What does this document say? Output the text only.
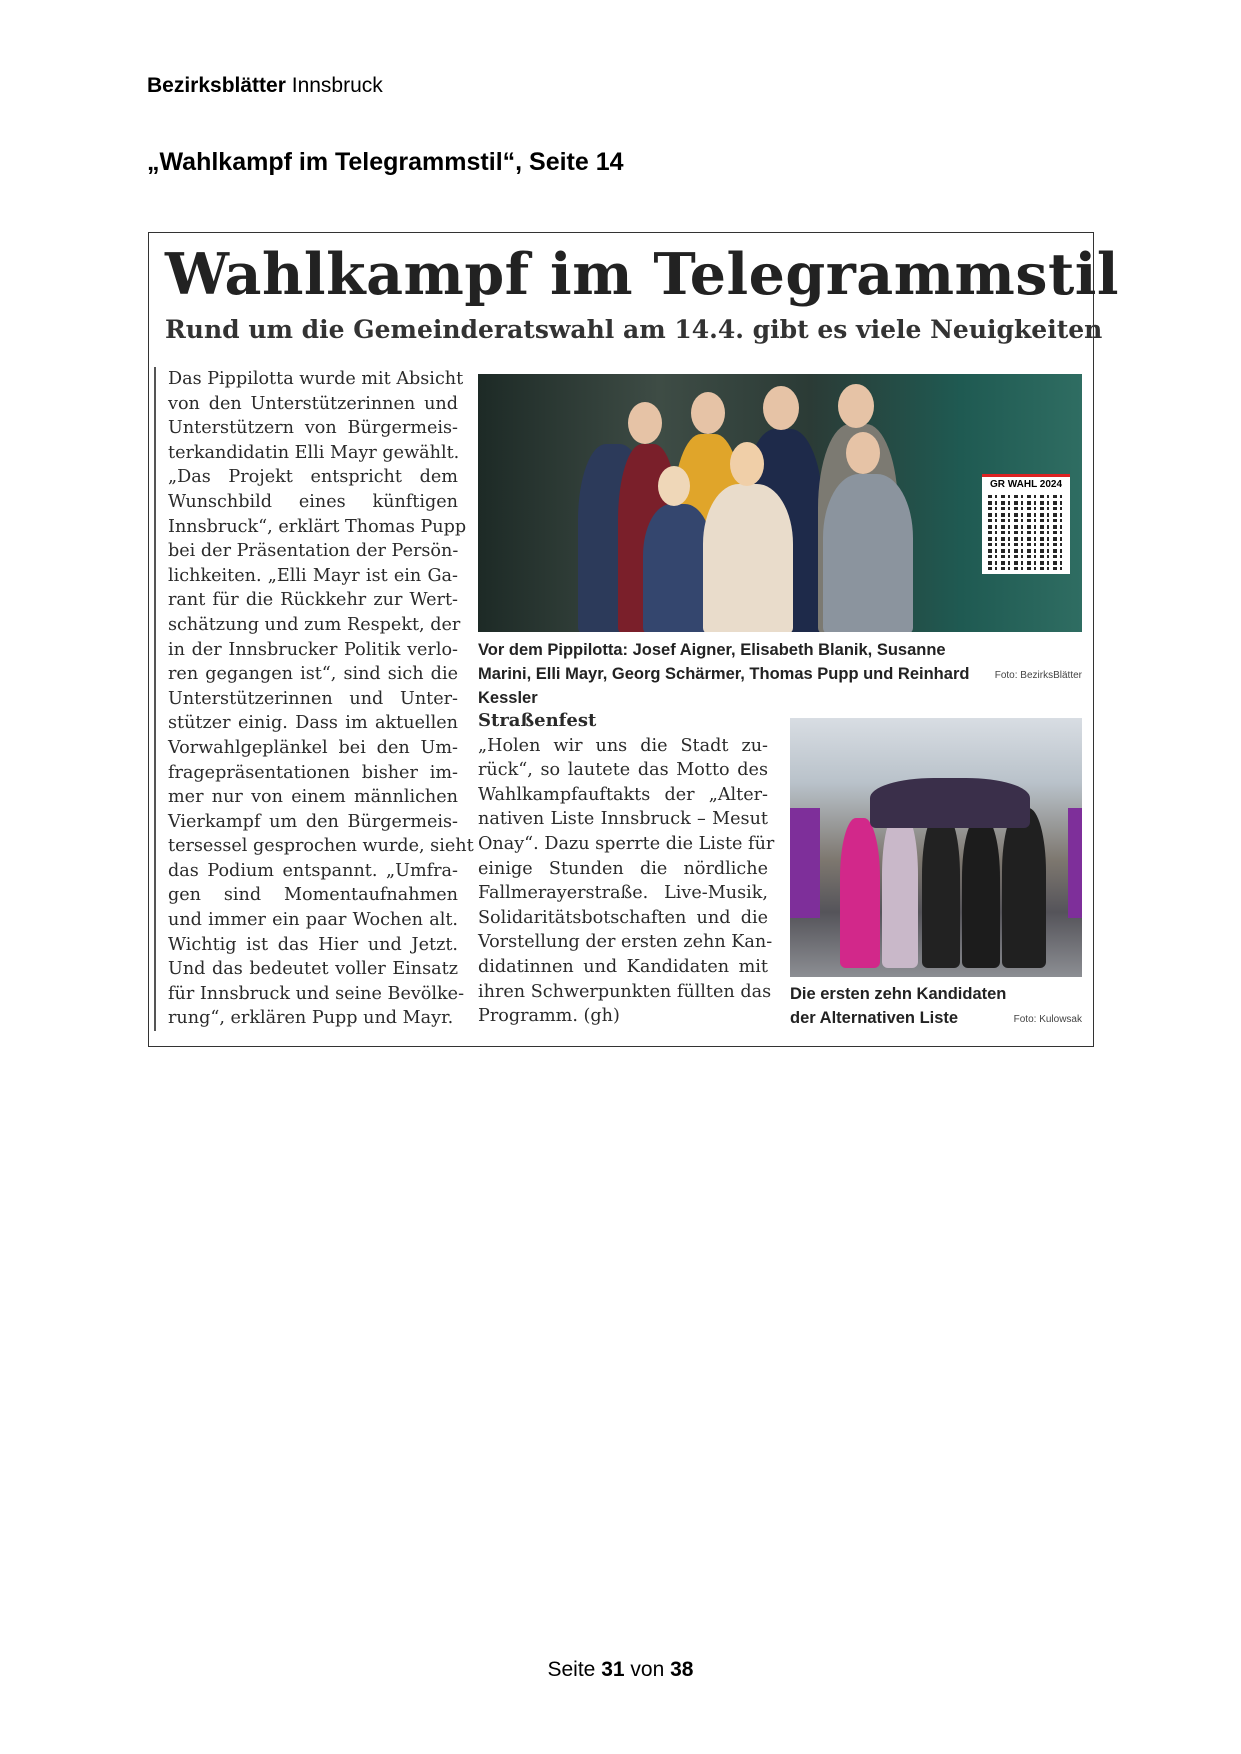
Bezirksblätter Innsbruck
„Wahlkampf im Telegrammstil“, Seite 14
Wahlkampf im Telegrammstil
Rund um die Gemeinderatswahl am 14.4. gibt es viele Neuigkeiten
Das Pippilotta wurde mit Absicht
von den Unterstützerinnen und
Unterstützern von Bürgermeis-
terkandidatin Elli Mayr gewählt.
„Das Projekt entspricht dem
Wunschbild eines künftigen
Innsbruck“, erklärt Thomas Pupp
bei der Präsentation der Persön-
lichkeiten. „Elli Mayr ist ein Ga-
rant für die Rückkehr zur Wert-
schätzung und zum Respekt, der
in der Innsbrucker Politik verlo-
ren gegangen ist“, sind sich die
Unterstützerinnen und Unter-
stützer einig. Dass im aktuellen
Vorwahlgeplänkel bei den Um-
fragepräsentationen bisher im-
mer nur von einem männlichen
Vierkampf um den Bürgermeis-
tersessel gesprochen wurde, sieht
das Podium entspannt. „Umfra-
gen sind Momentaufnahmen
und immer ein paar Wochen alt.
Wichtig ist das Hier und Jetzt.
Und das bedeutet voller Einsatz
für Innsbruck und seine Bevölke-
rung“, erklären Pupp und Mayr.
GR WAHL 2024
Foto: BezirksBlätter
Vor dem Pippilotta: Josef Aigner, Elisabeth Blanik, Susanne Marini, Elli Mayr, Georg Schärmer, Thomas Pupp und Reinhard Kessler
Straßenfest
„Holen wir uns die Stadt zu-
rück“, so lautete das Motto des
Wahlkampfauftakts der „Alter-
nativen Liste Innsbruck – Mesut
Onay“. Dazu sperrte die Liste für
einige Stunden die nördliche
Fallmerayerstraße. Live-Musik,
Solidaritätsbotschaften und die
Vorstellung der ersten zehn Kan-
didatinnen und Kandidaten mit
ihren Schwerpunkten füllten das
Programm. (gh)	Foto: Kulowsak
Die ersten zehn Kandidaten der Alternativen Liste
Seite 31 von 38
